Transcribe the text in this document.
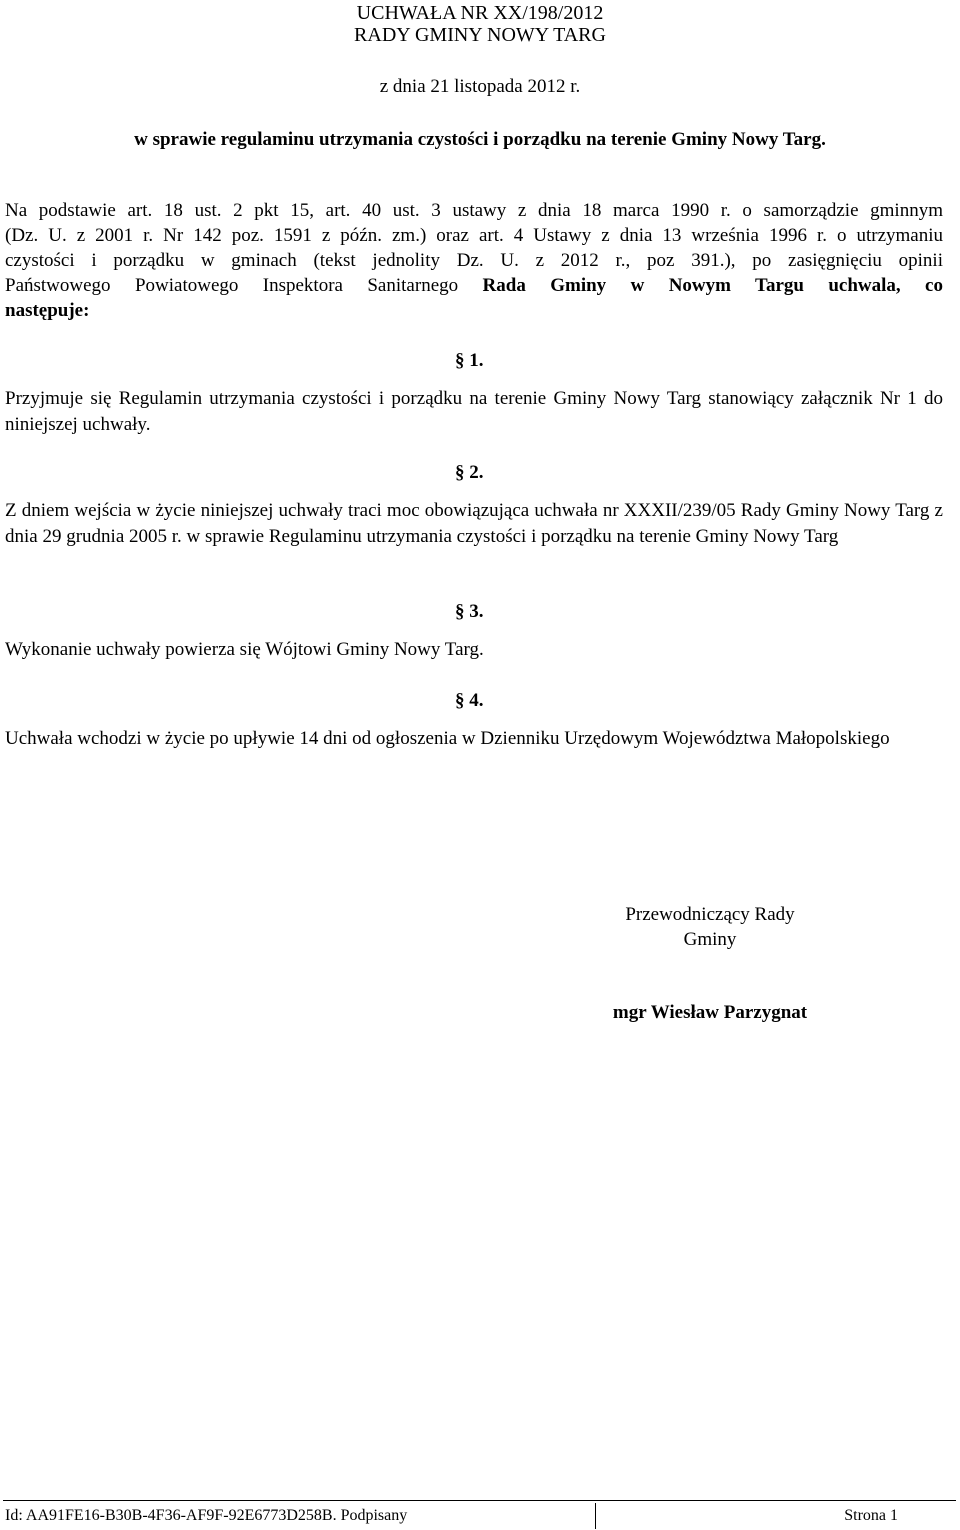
UCHWAŁA NR XX/198/2012
RADY GMINY NOWY TARG
z dnia 21 listopada 2012 r.
w sprawie regulaminu utrzymania czystości i porządku na terenie Gminy Nowy Targ.
Na podstawie art. 18 ust. 2 pkt 15, art. 40 ust. 3 ustawy z dnia 18 marca 1990 r. o samorządzie gminnym
(Dz. U. z 2001 r. Nr 142 poz. 1591 z późn. zm.) oraz art. 4 Ustawy z dnia 13 września 1996 r. o utrzymaniu
czystości i porządku w gminach (tekst jednolity Dz. U. z 2012 r., poz 391.), po zasięgnięciu opinii
Państwowego Powiatowego Inspektora Sanitarnego Rada Gminy w Nowym Targu uchwala, co
następuje:
§ 1.
Przyjmuje się Regulamin utrzymania czystości i porządku na terenie Gminy Nowy Targ stanowiący załącznik Nr 1 do niniejszej uchwały.
§ 2.
Z dniem wejścia w życie niniejszej uchwały traci moc obowiązująca uchwała nr XXXII/239/05 Rady Gminy Nowy Targ z dnia 29 grudnia 2005 r. w sprawie Regulaminu utrzymania czystości i porządku na terenie Gminy Nowy Targ
§ 3.
Wykonanie uchwały powierza się Wójtowi Gminy Nowy Targ.
§ 4.
Uchwała wchodzi w życie po upływie 14 dni od ogłoszenia w Dzienniku Urzędowym Województwa Małopolskiego
Przewodniczący Rady
Gminy
mgr Wiesław Parzygnat
Id: AA91FE16-B30B-4F36-AF9F-92E6773D258B. Podpisany	Strona 1
